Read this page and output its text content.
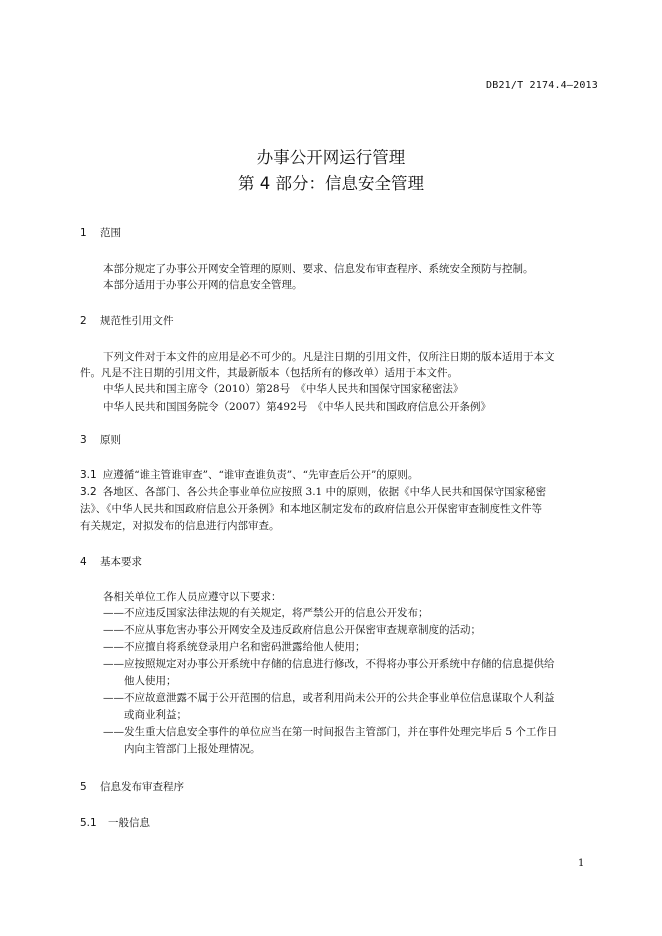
DB21/T 2174.4—2013
办事公开网运行管理
第 4 部分：信息安全管理
1 范围
本部分规定了办事公开网安全管理的原则、要求、信息发布审查程序、系统安全预防与控制。
本部分适用于办事公开网的信息安全管理。
2 规范性引用文件
下列文件对于本文件的应用是必不可少的。凡是注日期的引用文件，仅所注日期的版本适用于本文
件。凡是不注日期的引用文件，其最新版本（包括所有的修改单）适用于本文件。
中华人民共和国主席令（2010）第28号　《中华人民共和国保守国家秘密法》
中华人民共和国国务院令（2007）第492号　《中华人民共和国政府信息公开条例》
3 原则
3.1 应遵循“谁主管谁审查”、“谁审查谁负责”、“先审查后公开”的原则。
3.2 各地区、各部门、各公共企事业单位应按照 3.1 中的原则，依据《中华人民共和国保守国家秘密
法》、《中华人民共和国政府信息公开条例》和本地区制定发布的政府信息公开保密审查制度性文件等
有关规定，对拟发布的信息进行内部审查。
4 基本要求
各相关单位工作人员应遵守以下要求：
——不应违反国家法律法规的有关规定，将严禁公开的信息公开发布；
——不应从事危害办事公开网安全及违反政府信息公开保密审查规章制度的活动；
——不应擅自将系统登录用户名和密码泄露给他人使用；
——应按照规定对办事公开系统中存储的信息进行修改，不得将办事公开系统中存储的信息提供给
他人使用；
——不应故意泄露不属于公开范围的信息，或者利用尚未公开的公共企事业单位信息谋取个人利益
或商业利益；
——发生重大信息安全事件的单位应当在第一时间报告主管部门，并在事件处理完毕后 5 个工作日
内向主管部门上报处理情况。
5 信息发布审查程序
5.1 一般信息
1
